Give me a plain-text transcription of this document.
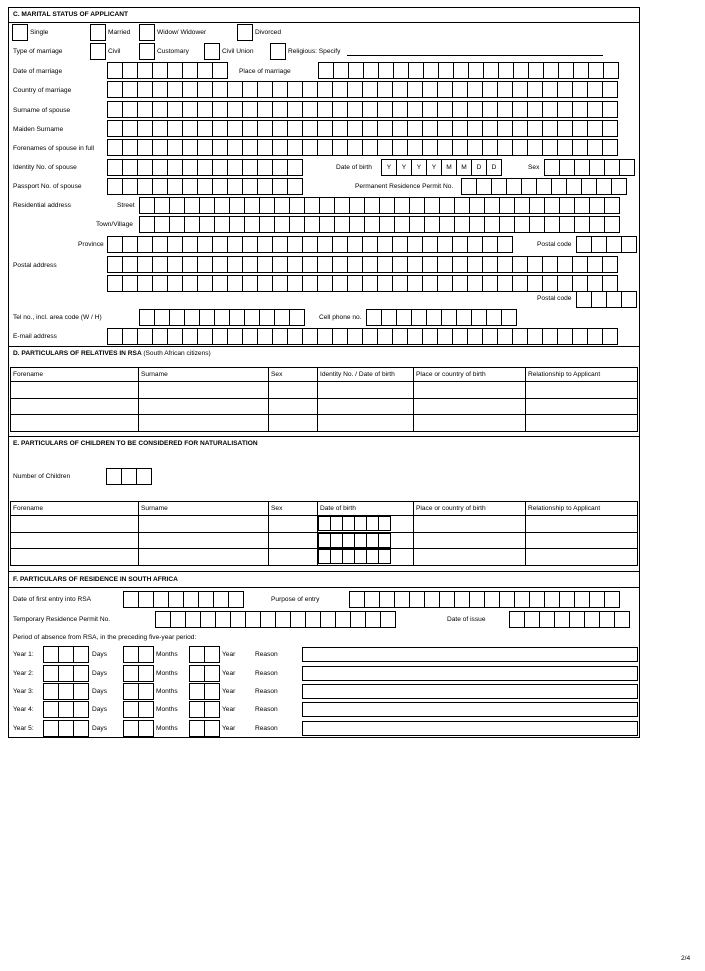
2/4
C. MARITAL STATUS OF APPLICANT
Single	Married	Widow/ Widower	Divorced
Type of marriage	Civil	Customary	Civil Union	Religious: Specify
Date of marriage	Place of marriage
Country of marriage
Surname of spouse
Maiden Surname
Forenames of spouse in full
Identity No. of spouse	Date of birth	Y	Y	Y	Y	M	M	D	D	Sex
Passport No. of spouse	Permanent Residence Permit No.
Residential address	Street
Town/Village
Province	Postal code
Postal address
Postal code
Tel no., incl. area code (W / H)	Cell phone no.
E-mail address
D. PARTICULARS OF RELATIVES IN RSA (South African citizens)
Forename	Surname	Sex	Identity No. / Date of birth	Place or country of birth	Relationship to Applicant

E. PARTICULARS OF CHILDREN TO BE CONSIDERED FOR NATURALISATION
Number of Children
Forename	Surname	Sex	Date of birth	Place or country of birth	Relationship to Applicant

F. PARTICULARS OF RESIDENCE IN SOUTH AFRICA
Date of first entry into RSA	Purpose of entry
Temporary Residence Permit No.	Date of issue
Period of absence from RSA, in the preceding five-year period:
Year 1:	Days	Months	Year	Reason
Year 2:	Days	Months	Year	Reason
Year 3:	Days	Months	Year	Reason
Year 4:	Days	Months	Year	Reason
Year 5:	Days	Months	Year	Reason
